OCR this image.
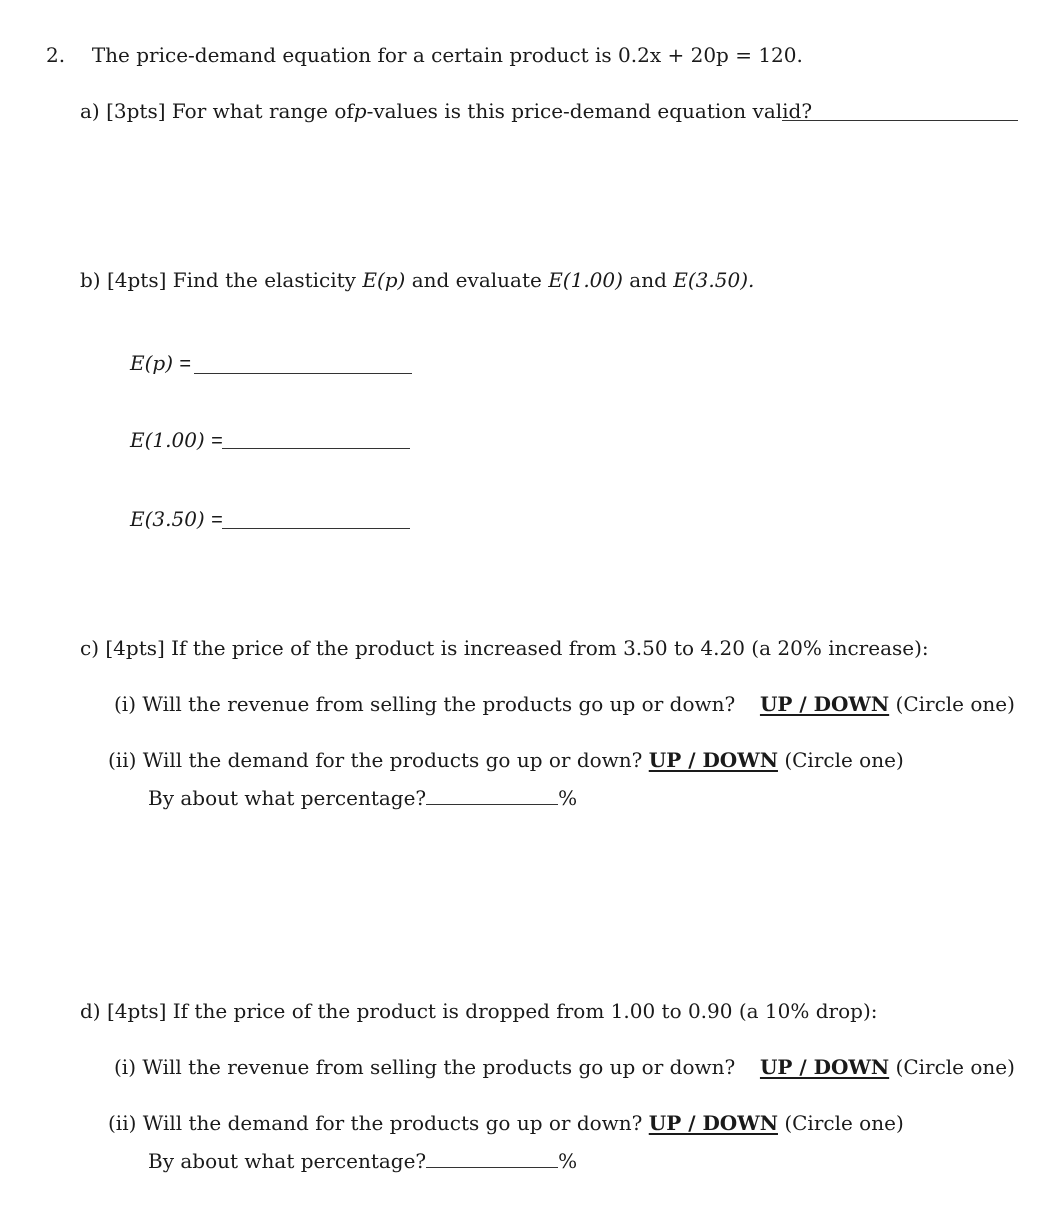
2. The price-demand equation for a certain product is 0.2x + 20p = 120.
a) [3pts] For what range ofp-values is this price-demand equation valid?
b) [4pts] Find the elasticity E(p) and evaluate E(1.00) and E(3.50).
E(p) =
E(1.00) =
E(3.50) =
c) [4pts] If the price of the product is increased from 3.50 to 4.20 (a 20% increase):
(i) Will the revenue from selling the products go up or down? UP / DOWN (Circle one)
(ii) Will the demand for the products go up or down? UP / DOWN (Circle one)
By about what percentage?	%
d) [4pts] If the price of the product is dropped from 1.00 to 0.90 (a 10% drop):
(i) Will the revenue from selling the products go up or down? UP / DOWN (Circle one)
(ii) Will the demand for the products go up or down? UP / DOWN (Circle one)
By about what percentage?	%
